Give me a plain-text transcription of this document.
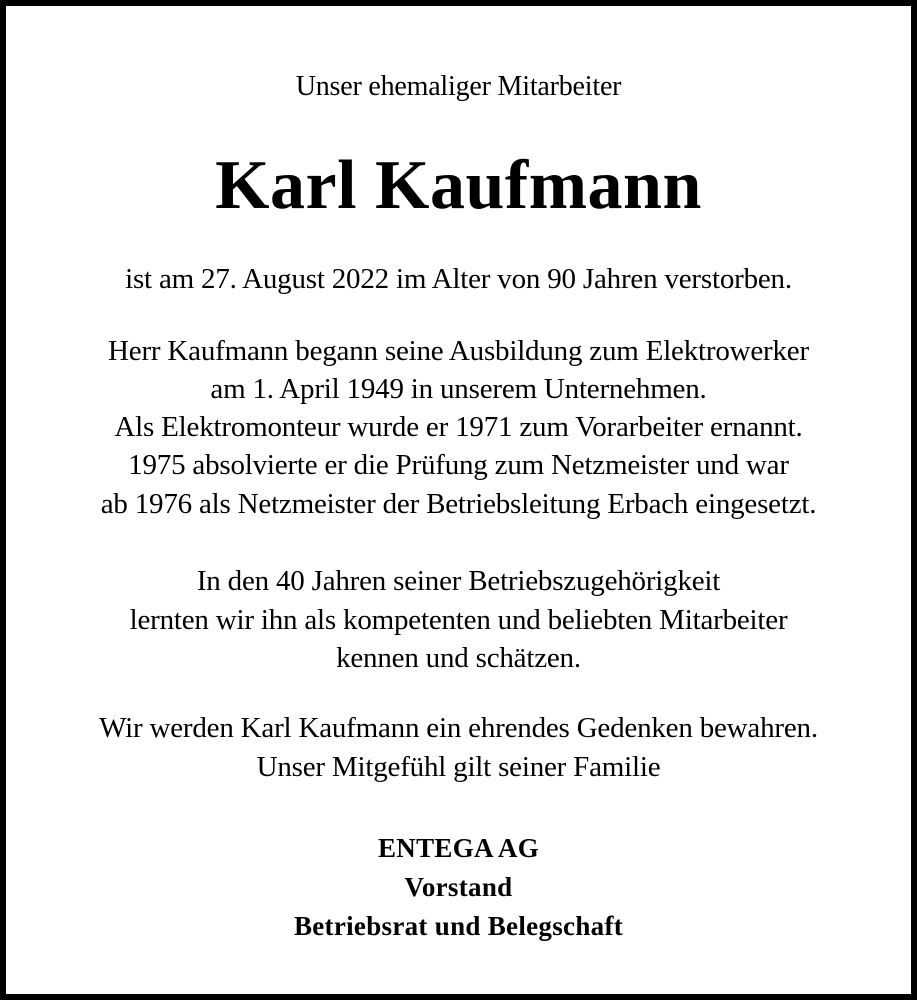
Unser ehemaliger Mitarbeiter
Karl Kaufmann
ist am 27. August 2022 im Alter von 90 Jahren verstorben.
Herr Kaufmann begann seine Ausbildung zum Elektrowerker
am 1. April 1949 in unserem Unternehmen.
Als Elektromonteur wurde er 1971 zum Vorarbeiter ernannt.
1975 absolvierte er die Prüfung zum Netzmeister und war
ab 1976 als Netzmeister der Betriebsleitung Erbach eingesetzt.
In den 40 Jahren seiner Betriebszugehörigkeit
lernten wir ihn als kompetenten und beliebten Mitarbeiter
kennen und schätzen.
Wir werden Karl Kaufmann ein ehrendes Gedenken bewahren.
Unser Mitgefühl gilt seiner Familie
ENTEGA AG
Vorstand
Betriebsrat und Belegschaft
